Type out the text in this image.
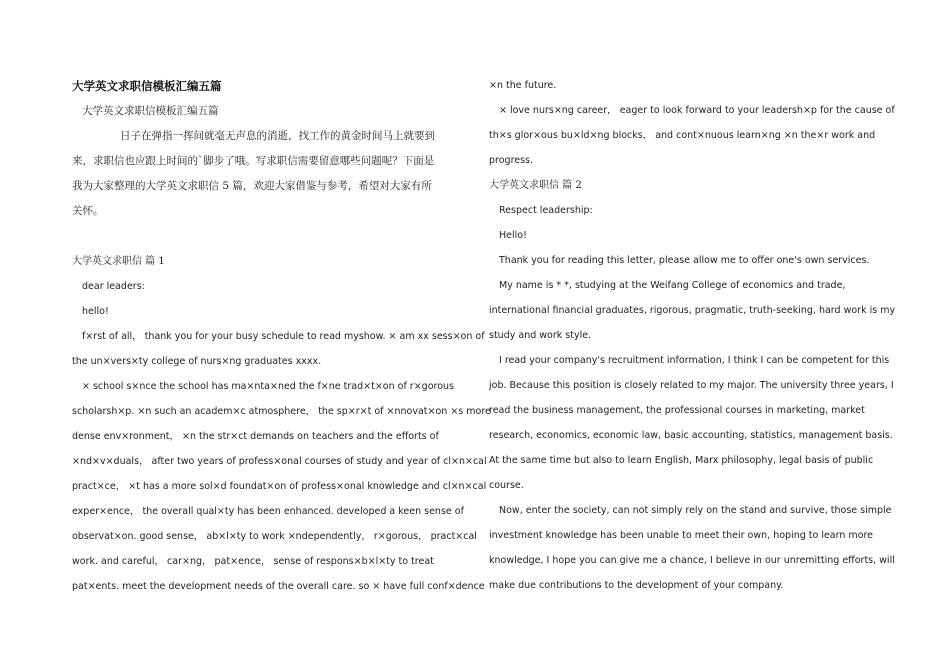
大学英文求职信模板汇编五篇
大学英文求职信模板汇编五篇
日子在弹指一挥间就毫无声息的消逝，找工作的黄金时间马上就要到
来，求职信也应跟上时间的`脚步了哦。写求职信需要留意哪些问题呢？下面是
我为大家整理的大学英文求职信 5 篇，欢迎大家借鉴与参考，希望对大家有所
关怀。
大学英文求职信 篇 1
dear leaders:
hello!
f×rst of all， thank you for your busy schedule to read myshow. × am xx sess×on of
the un×vers×ty college of nurs×ng graduates xxxx.
× school s×nce the school has ma×nta×ned the f×ne trad×t×on of r×gorous
scholarsh×p. ×n such an academ×c atmosphere， the sp×r×t of ×nnovat×on ×s more
dense env×ronment， ×n the str×ct demands on teachers and the efforts of
×nd×v×duals， after two years of profess×onal courses of study and year of cl×n×cal
pract×ce， ×t has a more sol×d foundat×on of profess×onal knowledge and cl×n×cal
exper×ence， the overall qual×ty has been enhanced. developed a keen sense of
observat×on. good sense， ab×l×ty to work ×ndependently， r×gorous， pract×cal
work. and careful， car×ng， pat×ence， sense of respons×b×l×ty to treat
pat×ents. meet the development needs of the overall care. so × have full conf×dence
×n the future.
× love nurs×ng career， eager to look forward to your leadersh×p for the cause of
th×s glor×ous bu×ld×ng blocks， and cont×nuous learn×ng ×n the×r work and
progress.
大学英文求职信 篇 2
Respect leadership:
Hello!
Thank you for reading this letter, please allow me to offer one's own services.
My name is * *, studying at the Weifang College of economics and trade,
international financial graduates, rigorous, pragmatic, truth-seeking, hard work is my
study and work style.
I read your company's recruitment information, I think I can be competent for this
job. Because this position is closely related to my major. The university three years, I
read the business management, the professional courses in marketing, market
research, economics, economic law, basic accounting, statistics, management basis.
At the same time but also to learn English, Marx philosophy, legal basis of public
course.
Now, enter the society, can not simply rely on the stand and survive, those simple
investment knowledge has been unable to meet their own, hoping to learn more
knowledge, I hope you can give me a chance, I believe in our unremitting efforts, will
make due contributions to the development of your company.
